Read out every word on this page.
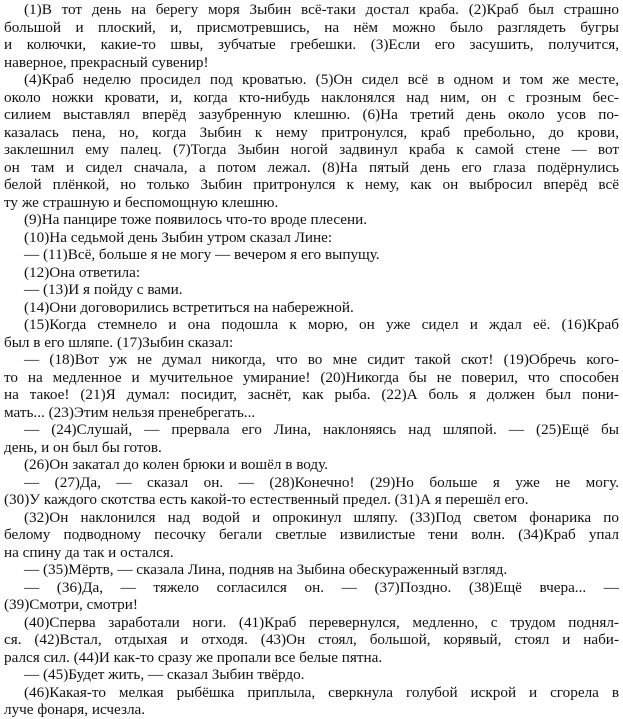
(1)В тот день на берегу моря Зыбин всё-таки достал краба. (2)Краб был страшно
большой и плоский, и, присмотревшись, на нём можно было разглядеть бугры
и колючки, какие-то швы, зубчатые гребешки. (3)Если его засушить, получится,
наверное, прекрасный сувенир!
(4)Краб неделю просидел под кроватью. (5)Он сидел всё в одном и том же месте,
около ножки кровати, и, когда кто-нибудь наклонялся над ним, он с грозным бес-
силием выставлял вперёд зазубренную клешню. (6)На третий день около усов по-
казалась пена, но, когда Зыбин к нему притронулся, краб пребольно, до крови,
заклешнил ему палец. (7)Тогда Зыбин ногой задвинул краба к самой стене — вот
он там и сидел сначала, а потом лежал. (8)На пятый день его глаза подёрнулись
белой плёнкой, но только Зыбин притронулся к нему, как он выбросил вперёд всё
ту же страшную и беспомощную клешню.
(9)На панцире тоже появилось что-то вроде плесени.
(10)На седьмой день Зыбин утром сказал Лине:
— (11)Всё, больше я не могу — вечером я его выпущу.
(12)Она ответила:
— (13)И я пойду с вами.
(14)Они договорились встретиться на набережной.
(15)Когда стемнело и она подошла к морю, он уже сидел и ждал её. (16)Краб
был в его шляпе. (17)Зыбин сказал:
— (18)Вот уж не думал никогда, что во мне сидит такой скот! (19)Обречь кого-
то на медленное и мучительное умирание! (20)Никогда бы не поверил, что способен
на такое! (21)Я думал: посидит, заснёт, как рыба. (22)А боль я должен был пони-
мать... (23)Этим нельзя пренебрегать...
— (24)Слушай, — прервала его Лина, наклоняясь над шляпой. — (25)Ещё бы
день, и он был бы готов.
(26)Он закатал до колен брюки и вошёл в воду.
— (27)Да, — сказал он. — (28)Конечно! (29)Но больше я уже не могу.
(30)У каждого скотства есть какой-то естественный предел. (31)А я перешёл его.
(32)Он наклонился над водой и опрокинул шляпу. (33)Под светом фонарика по
белому подводному песочку бегали светлые извилистые тени волн. (34)Краб упал
на спину да так и остался.
— (35)Мёртв, — сказала Лина, подняв на Зыбина обескураженный взгляд.
— (36)Да, — тяжело согласился он. — (37)Поздно. (38)Ещё вчера... —
(39)Смотри, смотри!
(40)Сперва заработали ноги. (41)Краб перевернулся, медленно, с трудом поднял-
ся. (42)Встал, отдыхая и отходя. (43)Он стоял, большой, корявый, стоял и наби-
рался сил. (44)И как-то сразу же пропали все белые пятна.
— (45)Будет жить, — сказал Зыбин твёрдо.
(46)Какая-то мелкая рыбёшка приплыла, сверкнула голубой искрой и сгорела в
луче фонаря, исчезла.
